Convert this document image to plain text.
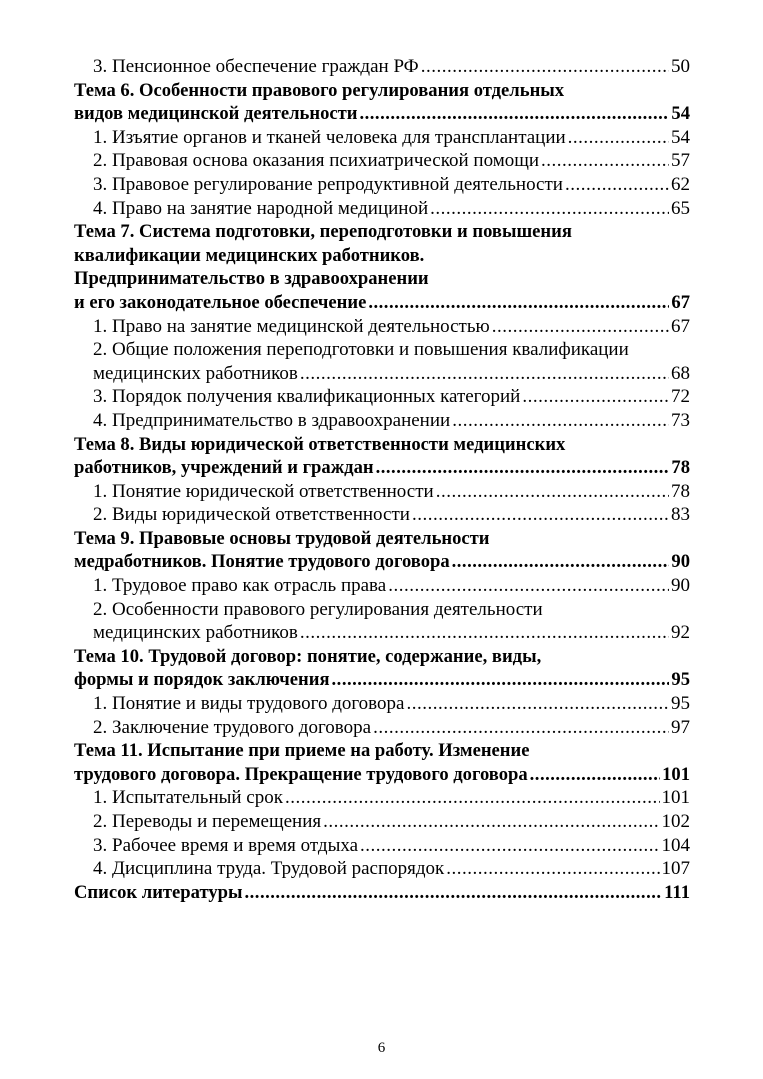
3. Пенсионное обеспечение граждан РФ .....	50
Тема 6. Особенности правового регулирования отдельных
видов медицинской деятельности .....	54
1. Изъятие органов и тканей человека для трансплантации .....	54
2. Правовая основа оказания психиатрической помощи .....	57
3. Правовое регулирование репродуктивной деятельности .....	62
4. Право на занятие народной медициной .....	65
Тема 7. Система подготовки, переподготовки и повышения
квалификации медицинских работников.
Предпринимательство в здравоохранении
и его законодательное обеспечение .....	67
1. Право на занятие медицинской деятельностью .....	67
2. Общие положения переподготовки и повышения квалификации
медицинских работников .....	68
3. Порядок получения квалификационных категорий .....	72
4. Предпринимательство в здравоохранении .....	73
Тема 8. Виды юридической ответственности медицинских
работников, учреждений и граждан .....	78
1. Понятие юридической ответственности .....	78
2. Виды юридической ответственности .....	83
Тема 9. Правовые основы трудовой деятельности
медработников. Понятие трудового договора .....	90
1. Трудовое право как отрасль права .....	90
2. Особенности правового регулирования деятельности
медицинских работников .....	92
Тема 10. Трудовой договор: понятие, содержание, виды,
формы и порядок заключения .....	95
1. Понятие и виды трудового договора .....	95
2. Заключение трудового договора .....	97
Тема 11. Испытание при приеме на работу. Изменение
трудового договора. Прекращение трудового договора .....	101
1. Испытательный срок .....	101
2. Переводы и перемещения .....	102
3. Рабочее время и время отдыха .....	104
4. Дисциплина труда. Трудовой распорядок .....	107
Список литературы .....	111
6
